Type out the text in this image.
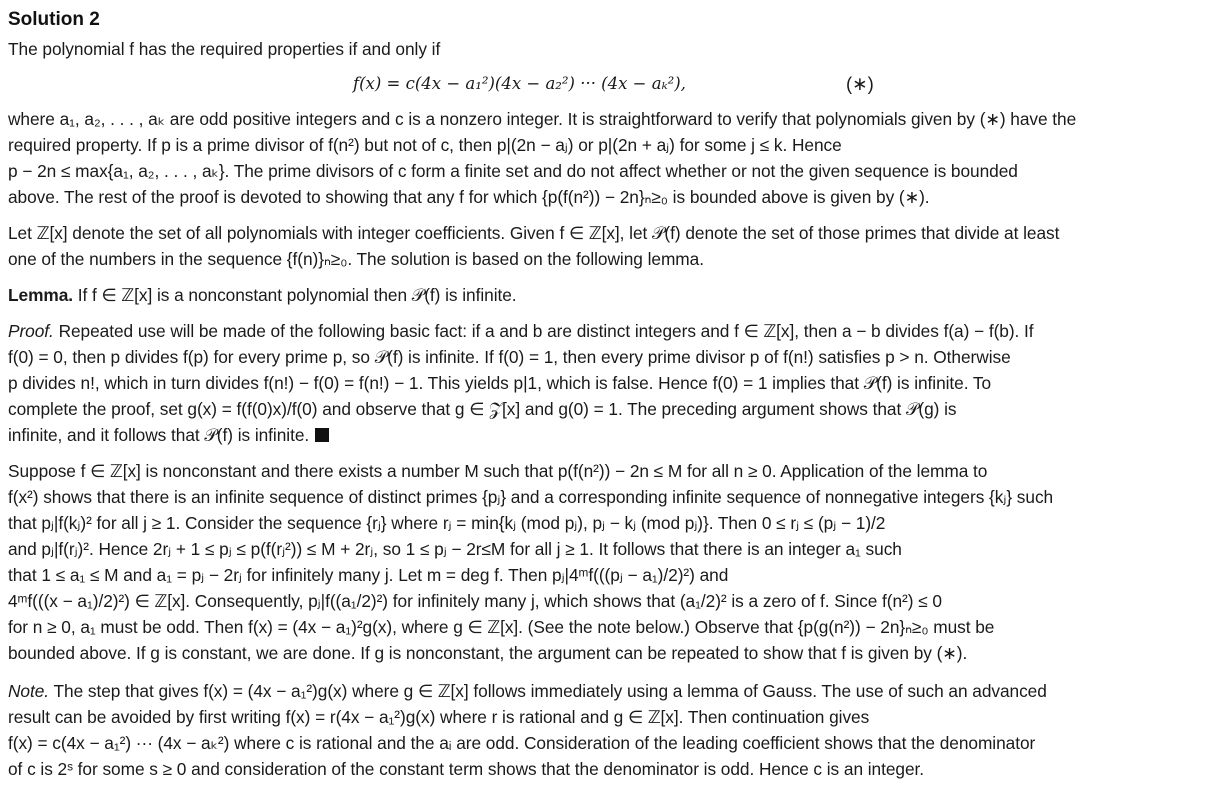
Solution 2

The polynomial f has the required properties if and only if

f(x) = c(4x − a₁²)(4x − a₂²) ··· (4x − aₖ²),	(∗)

where a₁, a₂, . . . , aₖ are odd positive integers and c is a nonzero integer. It is straightforward to verify that polynomials given by (∗) have the
required property. If p is a prime divisor of f(n²) but not of c, then p|(2n − aⱼ) or p|(2n + aⱼ) for some j ≤ k. Hence
p − 2n ≤ max{a₁, a₂, . . . , aₖ}. The prime divisors of c form a finite set and do not affect whether or not the given sequence is bounded
above. The rest of the proof is devoted to showing that any f for which {p(f(n²)) − 2n}ₙ≥₀ is bounded above is given by (∗).

Let ℤ[x] denote the set of all polynomials with integer coefficients. Given f ∈ ℤ[x], let 𝒫(f) denote the set of those primes that divide at least
one of the numbers in the sequence {f(n)}ₙ≥₀. The solution is based on the following lemma.

Lemma. If f ∈ ℤ[x] is a nonconstant polynomial then 𝒫(f) is infinite.

Proof. Repeated use will be made of the following basic fact: if a and b are distinct integers and f ∈ ℤ[x], then a − b divides f(a) − f(b). If
f(0) = 0, then p divides f(p) for every prime p, so 𝒫(f) is infinite. If f(0) = 1, then every prime divisor p of f(n!) satisfies p > n. Otherwise
p divides n!, which in turn divides f(n!) − f(0) = f(n!) − 1. This yields p|1, which is false. Hence f(0) = 1 implies that 𝒫(f) is infinite. To
complete the proof, set g(x) = f(f(0)x)/f(0) and observe that g ∈ 𝒵[x] and g(0) = 1. The preceding argument shows that 𝒫(g) is
infinite, and it follows that 𝒫(f) is infinite.

Suppose f ∈ ℤ[x] is nonconstant and there exists a number M such that p(f(n²)) − 2n ≤ M for all n ≥ 0. Application of the lemma to
f(x²) shows that there is an infinite sequence of distinct primes {pⱼ} and a corresponding infinite sequence of nonnegative integers {kⱼ} such
that pⱼ|f(kⱼ)² for all j ≥ 1. Consider the sequence {rⱼ} where rⱼ = min{kⱼ (mod pⱼ), pⱼ − kⱼ (mod pⱼ)}. Then 0 ≤ rⱼ ≤ (pⱼ − 1)/2
and pⱼ|f(rⱼ)². Hence 2rⱼ + 1 ≤ pⱼ ≤ p(f(rⱼ²)) ≤ M + 2rⱼ, so 1 ≤ pⱼ − 2r≤M for all j ≥ 1. It follows that there is an integer a₁ such
that 1 ≤ a₁ ≤ M and a₁ = pⱼ − 2rⱼ for infinitely many j. Let m = deg f. Then pⱼ|4ᵐf(((pⱼ − a₁)/2)²) and
4ᵐf(((x − a₁)/2)²) ∈ ℤ[x]. Consequently, pⱼ|f((a₁/2)²) for infinitely many j, which shows that (a₁/2)² is a zero of f. Since f(n²) ≤ 0
for n ≥ 0, a₁ must be odd. Then f(x) = (4x − a₁)²g(x), where g ∈ ℤ[x]. (See the note below.) Observe that {p(g(n²)) − 2n}ₙ≥₀ must be
bounded above. If g is constant, we are done. If g is nonconstant, the argument can be repeated to show that f is given by (∗).

Note. The step that gives f(x) = (4x − a₁²)g(x) where g ∈ ℤ[x] follows immediately using a lemma of Gauss. The use of such an advanced
result can be avoided by first writing f(x) = r(4x − a₁²)g(x) where r is rational and g ∈ ℤ[x]. Then continuation gives
f(x) = c(4x − a₁²) ··· (4x − aₖ²) where c is rational and the aᵢ are odd. Consideration of the leading coefficient shows that the denominator
of c is 2ˢ for some s ≥ 0 and consideration of the constant term shows that the denominator is odd. Hence c is an integer.
